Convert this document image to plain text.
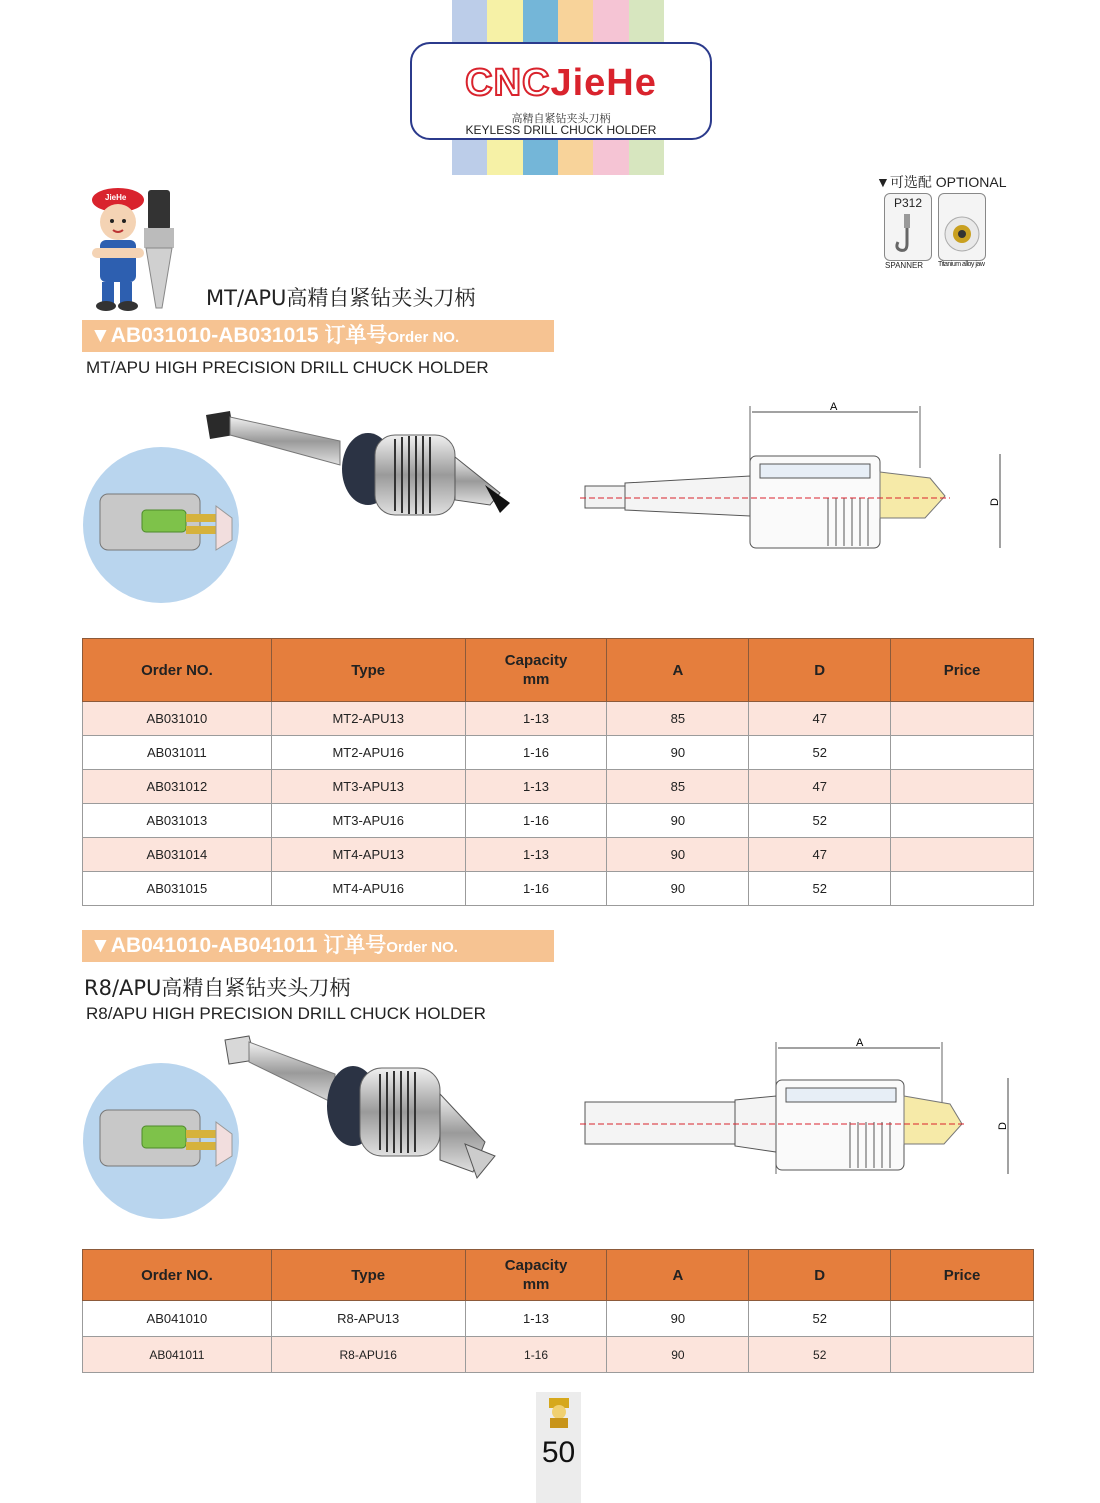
CNCJieHe
高精自紧钻夹头刀柄
KEYLESS DRILL CHUCK HOLDER
▼可选配 OPTIONAL
P312
SPANNER Titanium alloy jaw
JieHe
MT/APU高精自紧钻夹头刀柄
▼AB031010-AB031015 订单号Order NO.
MT/APU HIGH PRECISION DRILL CHUCK HOLDER
A
D
Order NO.	Type	Capacity
mm	A	D	Price
AB031010	MT2-APU13	1-13	85	47	
AB031011	MT2-APU16	1-16	90	52	
AB031012	MT3-APU13	1-13	85	47	
AB031013	MT3-APU16	1-16	90	52	
AB031014	MT4-APU13	1-13	90	47	
AB031015	MT4-APU16	1-16	90	52	
▼AB041010-AB041011 订单号Order NO.
R8/APU高精自紧钻夹头刀柄
R8/APU HIGH PRECISION DRILL CHUCK HOLDER
A
D
Order NO.	Type	Capacity
mm	A	D	Price
AB041010	R8-APU13	1-13	90	52	
AB041011	R8-APU16	1-16	90	52	
50
